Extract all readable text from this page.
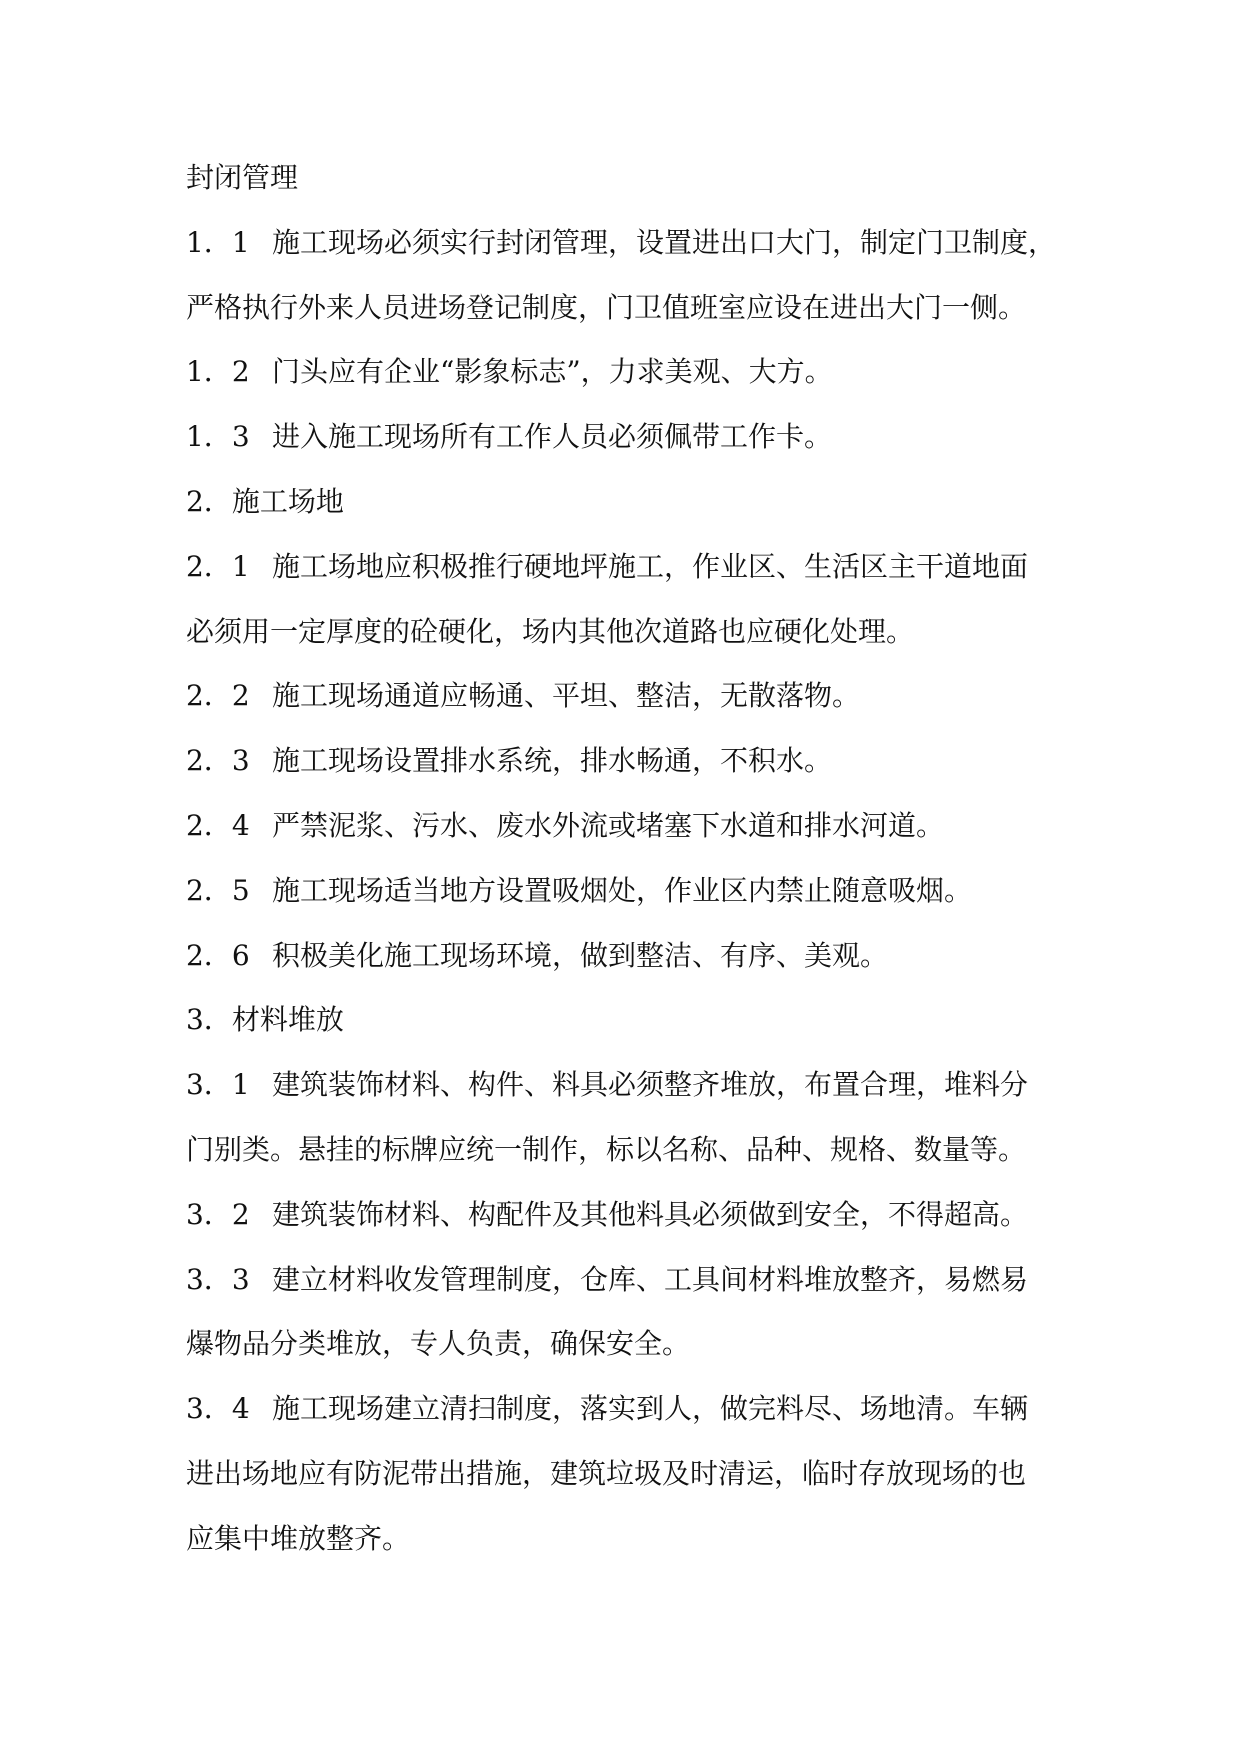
封闭管理
1．1 施工现场必须实行封闭管理，设置进出口大门，制定门卫制度，
严格执行外来人员进场登记制度，门卫值班室应设在进出大门一侧。
1．2 门头应有企业“影象标志”，力求美观、大方。
1．3 进入施工现场所有工作人员必须佩带工作卡。
2．施工场地
2．1 施工场地应积极推行硬地坪施工，作业区、生活区主干道地面
必须用一定厚度的砼硬化，场内其他次道路也应硬化处理。
2．2 施工现场通道应畅通、平坦、整洁，无散落物。
2．3 施工现场设置排水系统，排水畅通，不积水。
2．4 严禁泥浆、污水、废水外流或堵塞下水道和排水河道。
2．5 施工现场适当地方设置吸烟处，作业区内禁止随意吸烟。
2．6 积极美化施工现场环境，做到整洁、有序、美观。
3．材料堆放
3．1 建筑装饰材料、构件、料具必须整齐堆放，布置合理，堆料分
门别类。悬挂的标牌应统一制作，标以名称、品种、规格、数量等。
3．2 建筑装饰材料、构配件及其他料具必须做到安全，不得超高。
3．3 建立材料收发管理制度，仓库、工具间材料堆放整齐，易燃易
爆物品分类堆放，专人负责，确保安全。
3．4 施工现场建立清扫制度，落实到人，做完料尽、场地清。车辆
进出场地应有防泥带出措施，建筑垃圾及时清运，临时存放现场的也
应集中堆放整齐。
